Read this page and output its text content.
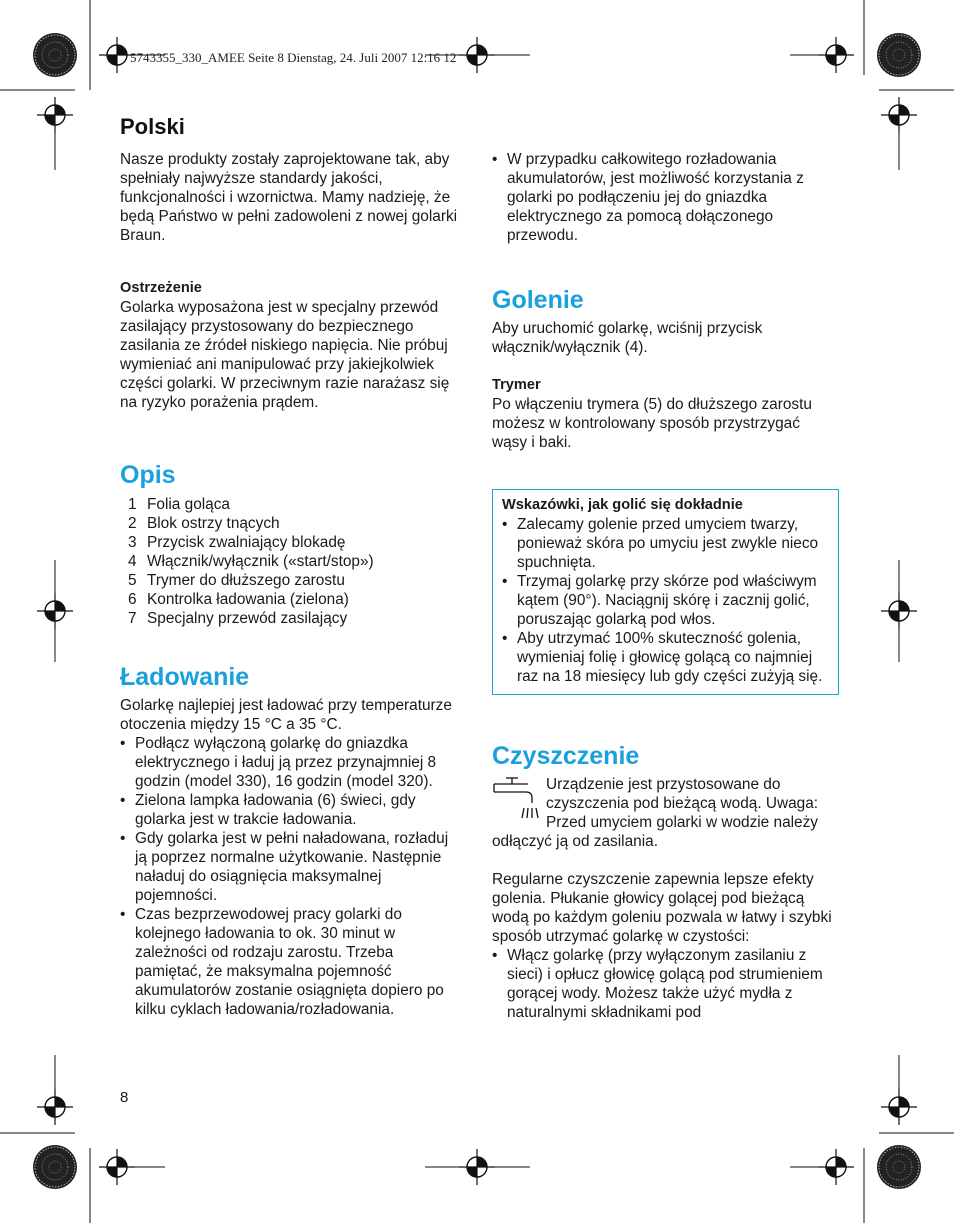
5743355_330_AMEE Seite 8 Dienstag, 24. Juli 2007 12:16 12
Polski

Nasze produkty zostały zaprojektowane tak, aby spełniały najwyższe standardy jakości, funkcjonalności i wzornictwa. Mamy nadzieję, że będą Państwo w pełni zadowoleni z nowej golarki Braun.

Ostrzeżenie

Golarka wyposażona jest w specjalny przewód zasilający przystosowany do bezpiecznego zasilania ze źródeł niskiego napięcia. Nie próbuj wymieniać ani manipulować przy jakiejkolwiek części golarki. W przeciwnym razie narażasz się na ryzyko porażenia prądem.

Opis
1 Folia goląca
2 Blok ostrzy tnących
3 Przycisk zwalniający blokadę
4 Włącznik/wyłącznik («start/stop»)
5 Trymer do dłuższego zarostu
6 Kontrolka ładowania (zielona)
7 Specjalny przewód zasilający
Ładowanie

Golarkę najlepiej jest ładować przy temperaturze otoczenia między 15 °C a 35 °C.

• Podłącz wyłączoną golarkę do gniazdka elektrycznego i ładuj ją przez przynajmniej 8 godzin (model 330), 16 godzin (model 320).
• Zielona lampka ładowania (6) świeci, gdy golarka jest w trakcie ładowania.
• Gdy golarka jest w pełni naładowana, rozładuj ją poprzez normalne użytkowanie. Następnie naładuj do osiągnięcia maksymalnej pojemności.
• Czas bezprzewodowej pracy golarki do kolejnego ładowania to ok. 30 minut w zależności od rodzaju zarostu. Trzeba pamiętać, że maksymalna pojemność akumulatorów zostanie osiągnięta dopiero po kilku cyklach ładowania/rozładowania.
• W przypadku całkowitego rozładowania akumulatorów, jest możliwość korzystania z golarki po podłączeniu jej do gniazdka elektrycznego za pomocą dołączonego przewodu.
Golenie

Aby uruchomić golarkę, wciśnij przycisk włącznik/wyłącznik (4).

Trymer

Po włączeniu trymera (5) do dłuższego zarostu możesz w kontrolowany sposób przystrzygać wąsy i baki.

Wskazówki, jak golić się dokładnie

• Zalecamy golenie przed umyciem twarzy, ponieważ skóra po umyciu jest zwykle nieco spuchnięta.
• Trzymaj golarkę przy skórze pod właściwym kątem (90°). Naciągnij skórę i zacznij golić, poruszając golarką pod włos.
• Aby utrzymać 100% skuteczność golenia, wymieniaj folię i głowicę golącą co najmniej raz na 18 miesięcy lub gdy części zużyją się.
Czyszczenie

Urządzenie jest przystosowane do czyszczenia pod bieżącą wodą. Uwaga: Przed umyciem golarki w wodzie należy odłączyć ją od zasilania.

Regularne czyszczenie zapewnia lepsze efekty golenia. Płukanie głowicy golącej pod bieżącą wodą po każdym goleniu pozwala w łatwy i szybki sposób utrzymać golarkę w czystości:

• Włącz golarkę (przy wyłączonym zasilaniu z sieci) i opłucz głowicę golącą pod strumieniem gorącej wody. Możesz także użyć mydła z naturalnymi składnikami pod
8
